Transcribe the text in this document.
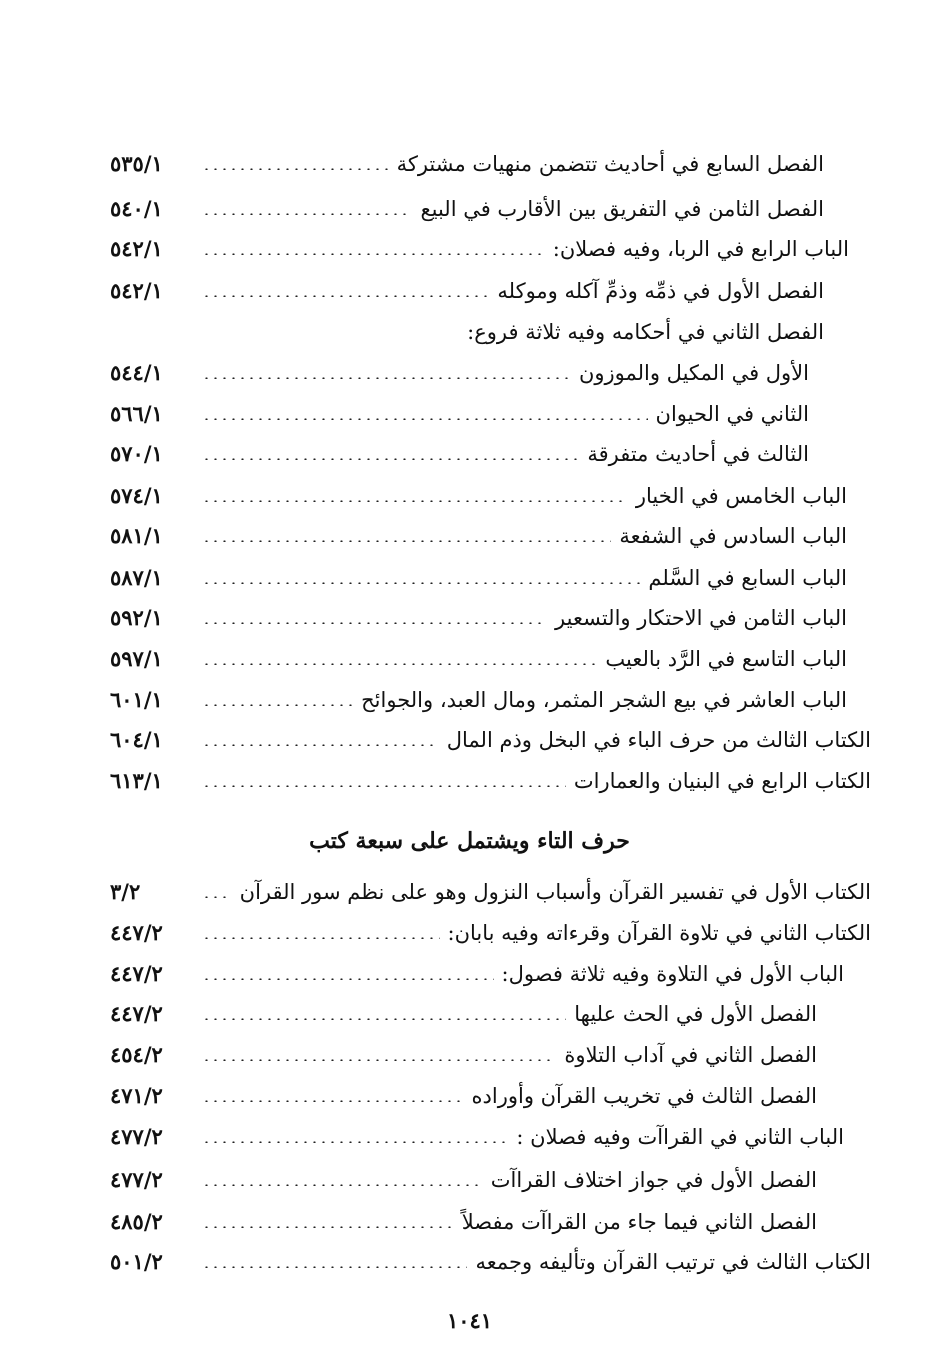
الفصل السابع في أحاديث تتضمن منهيات مشتركة
٥٣٥/١
الفصل الثامن في التفريق بين الأقارب في البيع
٥٤٠/١
الباب الرابع في الربا، وفيه فصلان:
٥٤٢/١
الفصل الأول في ذمِّه وذمِّ آكله وموكله
٥٤٢/١
الفصل الثاني في أحكامه وفيه ثلاثة فروع:
الأول في المكيل والموزون
٥٤٤/١
الثاني في الحيوان
٥٦٦/١
الثالث في أحاديث متفرقة
٥٧٠/١
الباب الخامس في الخيار
٥٧٤/١
الباب السادس في الشفعة
٥٨١/١
الباب السابع في السَّلم
٥٨٧/١
الباب الثامن في الاحتكار والتسعير
٥٩٢/١
الباب التاسع في الرَّد بالعيب
٥٩٧/١
الباب العاشر في بيع الشجر المثمر، ومال العبد، والجوائح
٦٠١/١
الكتاب الثالث من حرف الباء في البخل وذم المال
٦٠٤/١
الكتاب الرابع في البنيان والعمارات
٦١٣/١
حرف التاء ويشتمل على سبعة كتب
الكتاب الأول في تفسير القرآن وأسباب النزول وهو على نظم سور القرآن
٣/٢
الكتاب الثاني في تلاوة القرآن وقرءاته وفيه بابان:
٤٤٧/٢
الباب الأول في التلاوة وفيه ثلاثة فصول:
٤٤٧/٢
الفصل الأول في الحث عليها
٤٤٧/٢
الفصل الثاني في آداب التلاوة
٤٥٤/٢
الفصل الثالث في تخريب القرآن وأوراده
٤٧١/٢
الباب الثاني في القراآت وفيه فصلان :
٤٧٧/٢
الفصل الأول في جواز اختلاف القراآت
٤٧٧/٢
الفصل الثاني فيما جاء من القراآت مفصلاً
٤٨٥/٢
الكتاب الثالث في ترتيب القرآن وتأليفه وجمعه
٥٠١/٢
١٠٤١
